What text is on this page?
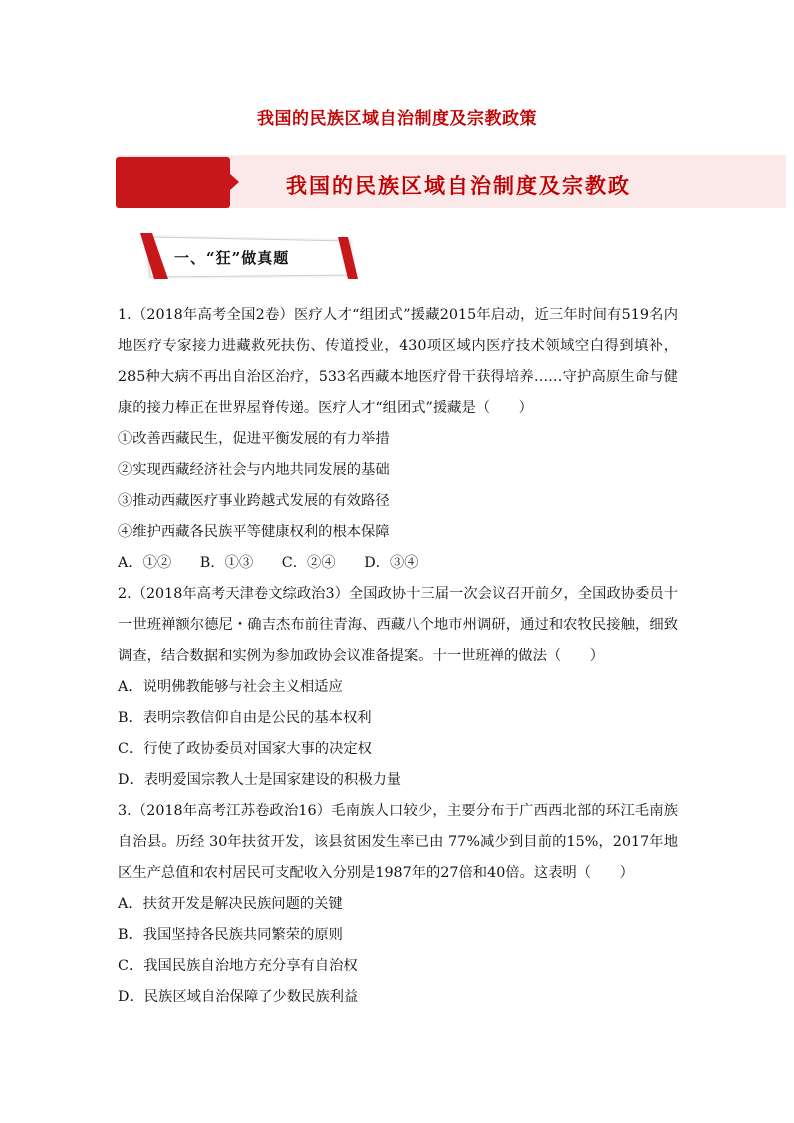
我国的民族区域自治制度及宗教政策
我国的民族区域自治制度及宗教政
一、“狂”做真题

1.（2018年高考全国2卷）医疗人才“组团式”援藏2015年启动，近三年时间有519名内地医疗专家接力进藏救死扶伤、传道授业，430项区域内医疗技术领域空白得到填补，285种大病不再出自治区治疗，533名西藏本地医疗骨干获得培养……守护高原生命与健康的接力棒正在世界屋脊传递。医疗人才“组团式”援藏是（　　）

①改善西藏民生，促进平衡发展的有力举措

②实现西藏经济社会与内地共同发展的基础

③推动西藏医疗事业跨越式发展的有效路径

④维护西藏各民族平等健康权利的根本保障

A．①②　　B．①③　　C．②④　　D．③④

2.（2018年高考天津卷文综政治3）全国政协十三届一次会议召开前夕，全国政协委员十一世班禅额尔德尼・确吉杰布前往青海、西藏八个地市州调研，通过和农牧民接触，细致调查，结合数据和实例为参加政协会议准备提案。十一世班禅的做法（　　）

A．说明佛教能够与社会主义相适应

B．表明宗教信仰自由是公民的基本权利

C．行使了政协委员对国家大事的决定权

D．表明爱国宗教人士是国家建设的积极力量

3.（2018年高考江苏卷政治16）毛南族人口较少，主要分布于广西西北部的环江毛南族自治县。历经 30年扶贫开发，该县贫困发生率已由 77%减少到目前的15%，2017年地区生产总值和农村居民可支配收入分别是1987年的27倍和40倍。这表明（　　）

A．扶贫开发是解决民族问题的关键

B．我国坚持各民族共同繁荣的原则

C．我国民族自治地方充分享有自治权

D．民族区域自治保障了少数民族利益
